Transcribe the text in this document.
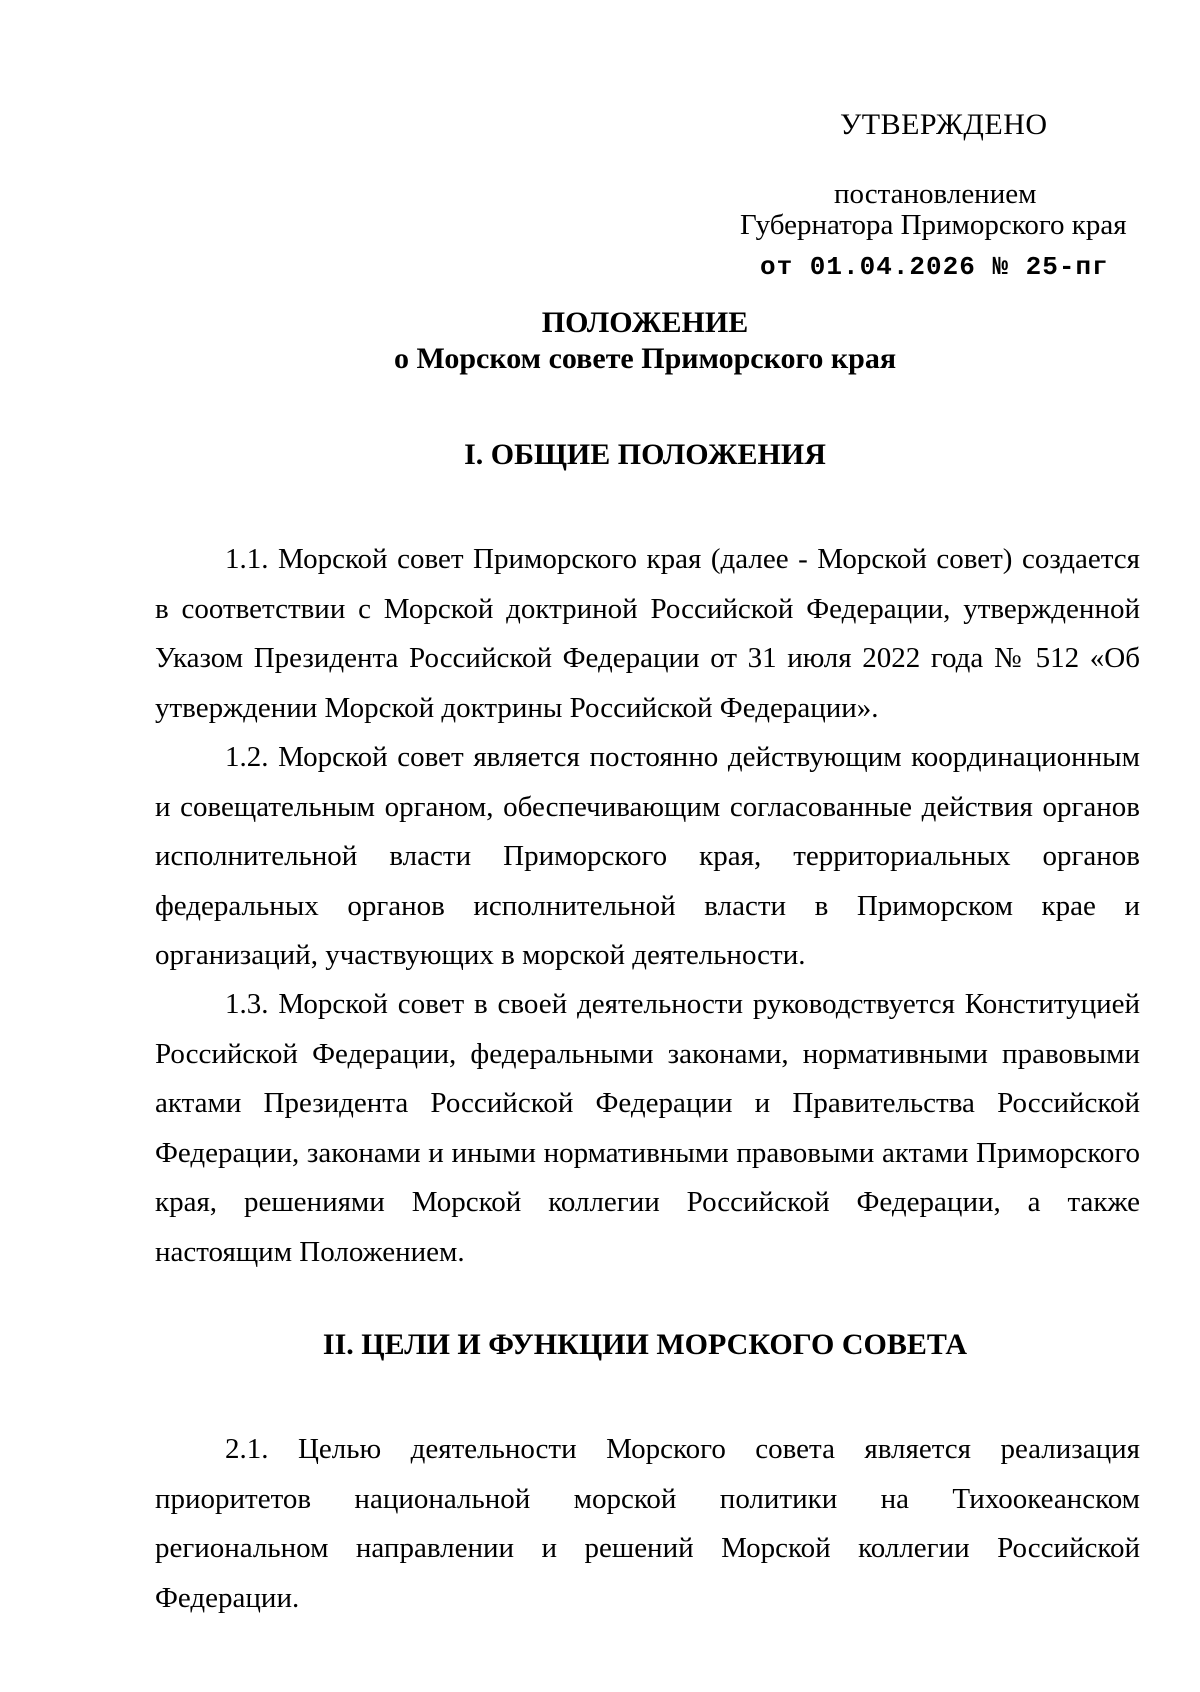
УТВЕРЖДЕНО
постановлением
Губернатора Приморского края
от 01.04.2026 № 25-пг
ПОЛОЖЕНИЕ
о Морском совете Приморского края
I. ОБЩИЕ ПОЛОЖЕНИЯ

1.1. Морской совет Приморского края (далее - Морской совет) создается в соответствии с Морской доктриной Российской Федерации, утвержденной Указом Президента Российской Федерации от 31 июля 2022 года № 512 «Об утверждении Морской доктрины Российской Федерации».

1.2. Морской совет является постоянно действующим координационным и совещательным органом, обеспечивающим согласованные действия органов исполнительной власти Приморского края, территориальных органов федеральных органов исполнительной власти в Приморском крае и организаций, участвующих в морской деятельности.

1.3. Морской совет в своей деятельности руководствуется Конституцией Российской Федерации, федеральными законами, нормативными правовыми актами Президента Российской Федерации и Правительства Российской Федерации, законами и иными нормативными правовыми актами Приморского края, решениями Морской коллегии Российской Федерации, а также настоящим Положением.

II. ЦЕЛИ И ФУНКЦИИ МОРСКОГО СОВЕТА

2.1. Целью деятельности Морского совета является реализация приоритетов национальной морской политики на Тихоокеанском региональном направлении и решений Морской коллегии Российской Федерации.
